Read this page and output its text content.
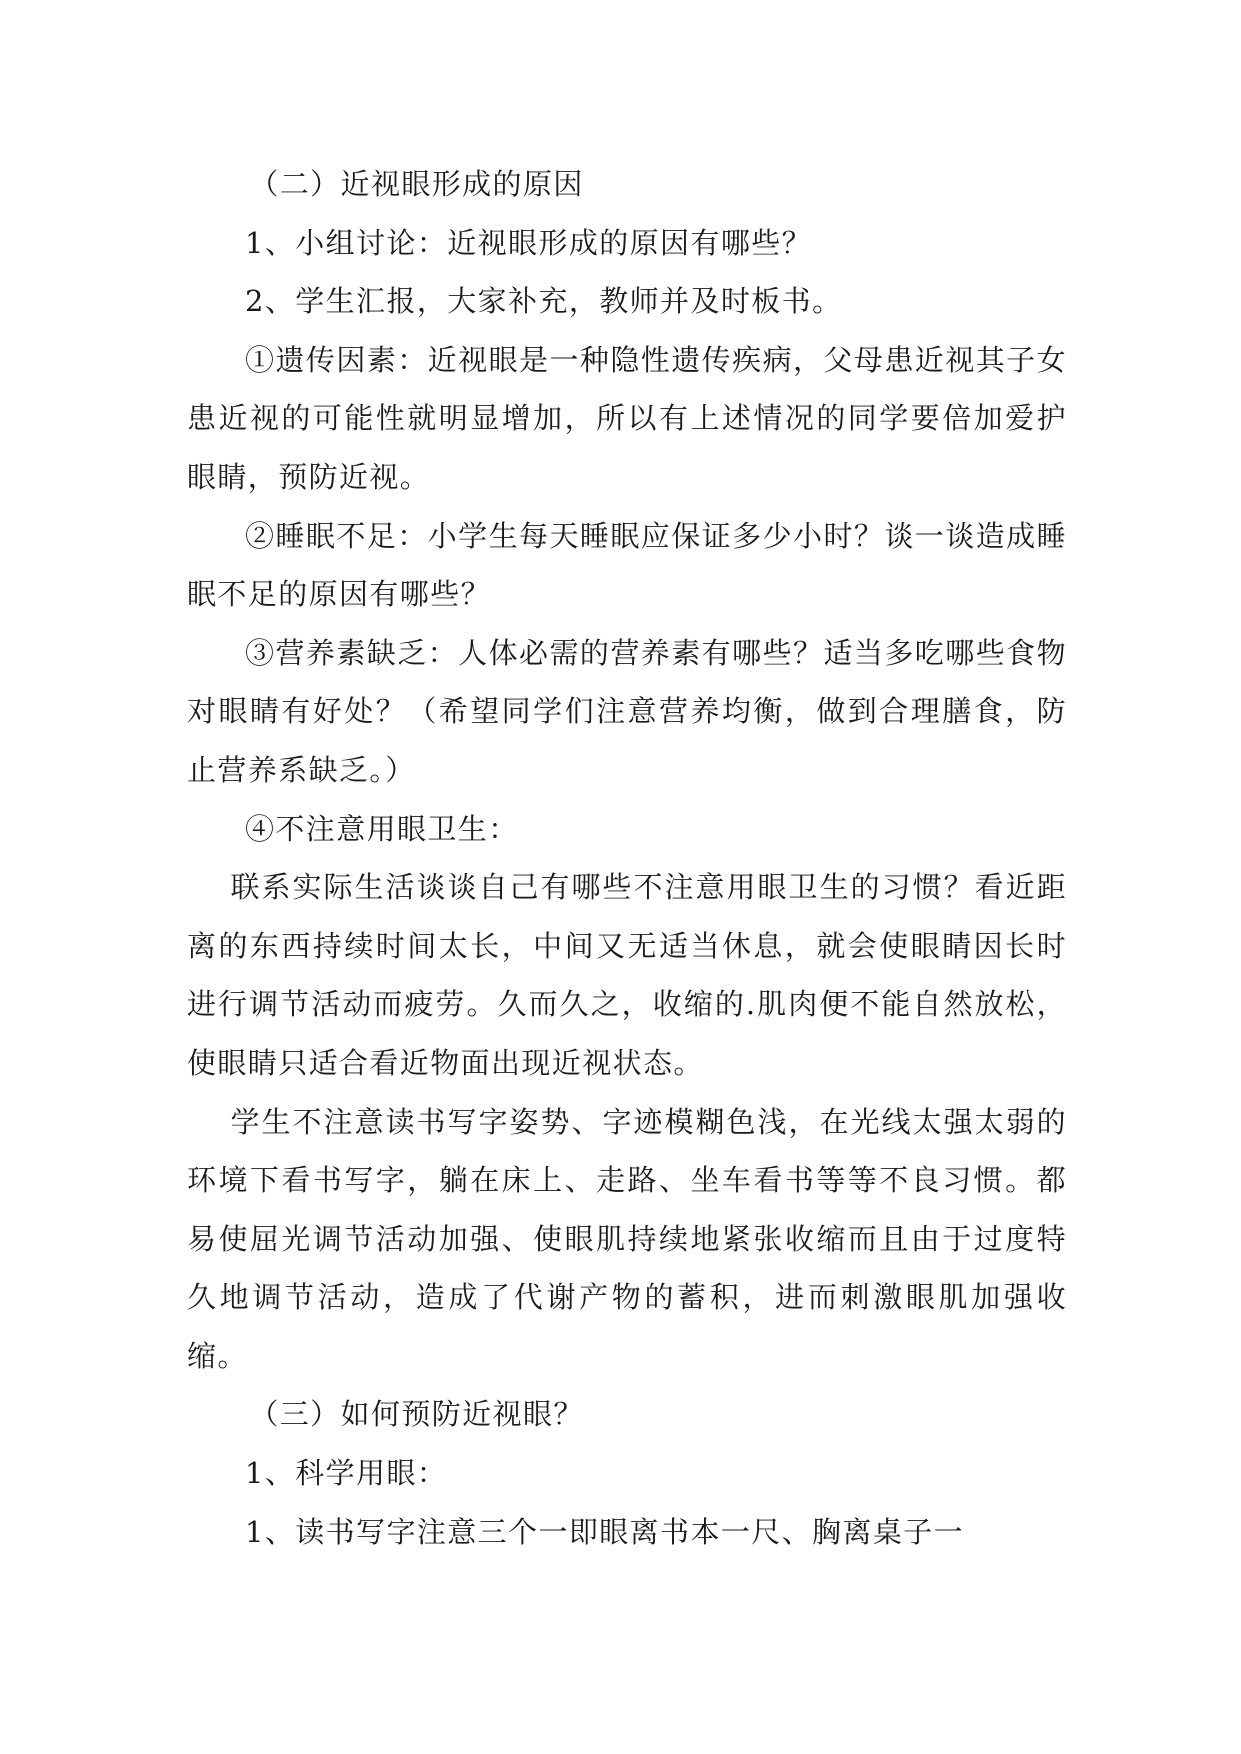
（二）近视眼形成的原因

1、小组讨论：近视眼形成的原因有哪些？

2、学生汇报，大家补充，教师并及时板书。

①遗传因素：近视眼是一种隐性遗传疾病，父母患近视其子女患近视的可能性就明显增加，所以有上述情况的同学要倍加爱护眼睛，预防近视。

②睡眠不足：小学生每天睡眠应保证多少小时？谈一谈造成睡眠不足的原因有哪些？

③营养素缺乏：人体必需的营养素有哪些？适当多吃哪些食物对眼睛有好处？（希望同学们注意营养均衡，做到合理膳食，防止营养系缺乏。）

④不注意用眼卫生：

联系实际生活谈谈自己有哪些不注意用眼卫生的习惯？看近距离的东西持续时间太长，中间又无适当休息，就会使眼睛因长时进行调节活动而疲劳。久而久之，收缩的.肌肉便不能自然放松，使眼睛只适合看近物面出现近视状态。

学生不注意读书写字姿势、字迹模糊色浅，在光线太强太弱的环境下看书写字，躺在床上、走路、坐车看书等等不良习惯。都易使屈光调节活动加强、使眼肌持续地紧张收缩而且由于过度特久地调节活动，造成了代谢产物的蓄积，进而刺激眼肌加强收缩。

（三）如何预防近视眼？

1、科学用眼：

1、读书写字注意三个一即眼离书本一尺、胸离桌子一
